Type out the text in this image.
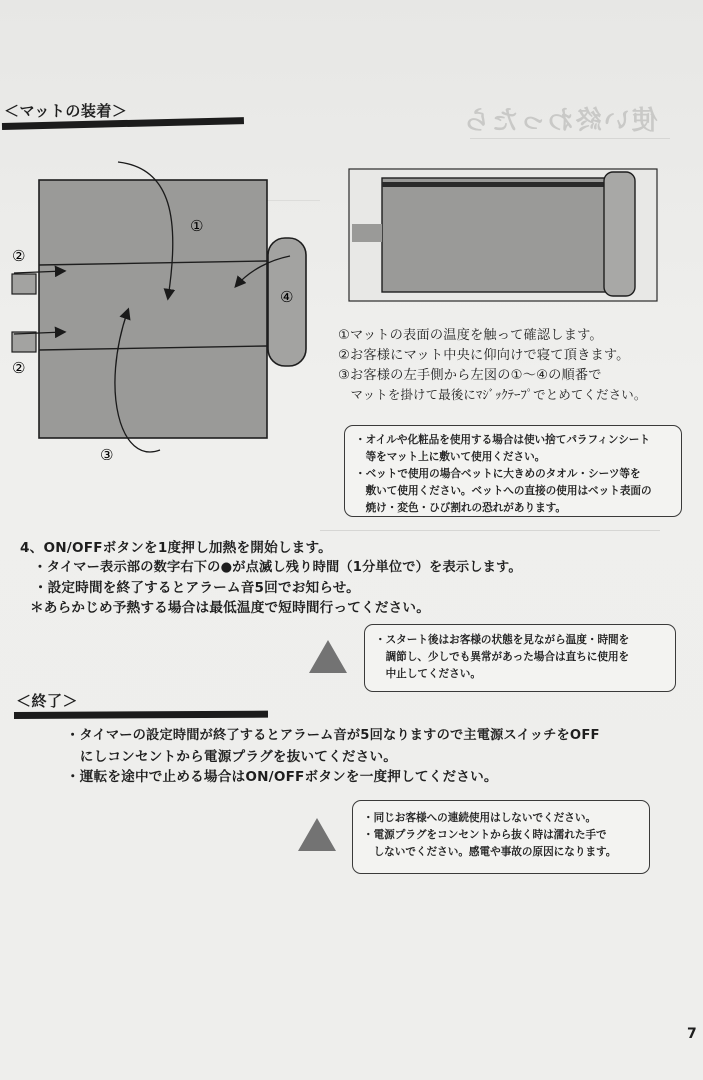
使い終わったら
＜マットの装着＞
①
②
②
③
④
①マットの表面の温度を触って確認します。
②お客様にマット中央に仰向けで寝て頂きます。
③お客様の左手側から左図の①～④の順番で
　マットを掛けて最後にﾏｼﾞｯｸﾃｰﾌﾟでとめてください。
・オイルや化粧品を使用する場合は使い捨てパラフィンシート
　等をマット上に敷いて使用ください。
・ベットで使用の場合ベットに大きめのタオル・シーツ等を
　敷いて使用ください。ベットへの直接の使用はベット表面の
　焼け・変色・ひび割れの恐れがあります。
4、ON/OFFボタンを1度押し加熱を開始します。
　・タイマー表示部の数字右下の●が点滅し残り時間（1分単位で）を表示します。
　・設定時間を終了するとアラーム音5回でお知らせ。
＊あらかじめ予熱する場合は最低温度で短時間行ってください。
・スタート後はお客様の状態を見ながら温度・時間を
　調節し、少しでも異常があった場合は直ちに使用を
　中止してください。
＜終了＞
・タイマーの設定時間が終了するとアラーム音が5回なりますので主電源スイッチをOFF
　にしコンセントから電源プラグを抜いてください。
・運転を途中で止める場合はON/OFFボタンを一度押してください。
・同じお客様への連続使用はしないでください。
・電源プラグをコンセントから抜く時は濡れた手で
　しないでください。感電や事故の原因になります。
7
